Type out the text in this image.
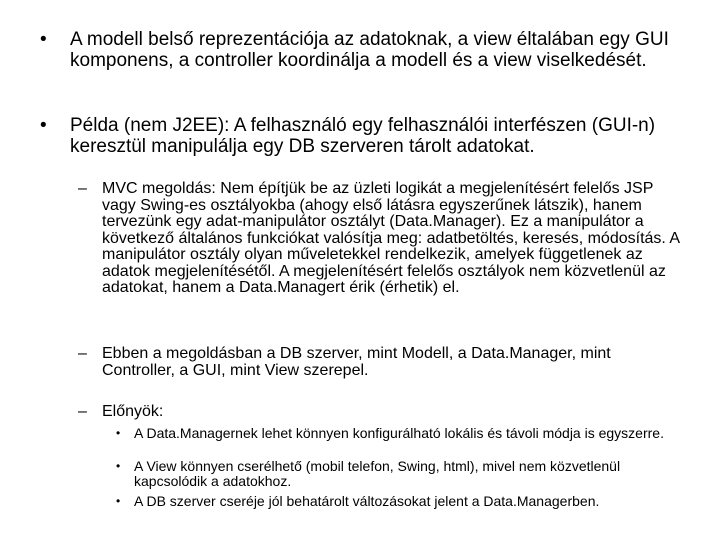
• A modell belső reprezentációja az adatoknak, a view éltalában egy GUI komponens, a controller koordinálja a modell és a view viselkedését.
• Példa (nem J2EE): A felhasználó egy felhasználói interfészen (GUI-n) keresztül manipulálja egy DB szerveren tárolt adatokat.
– MVC megoldás: Nem építjük be az üzleti logikát a megjelenítésért felelős JSP vagy Swing-es osztályokba (ahogy első látásra egyszerűnek látszik), hanem tervezünk egy adat-manipulátor osztályt (Data.Manager). Ez a manipulátor a következő általános funkciókat valósítja meg: adatbetöltés, keresés, módosítás. A manipulátor osztály olyan műveletekkel rendelkezik, amelyek függetlenek az adatok megjelenítésétől. A megjelenítésért felelős osztályok nem közvetlenül az adatokat, hanem a Data.Managert érik (érhetik) el.
– Ebben a megoldásban a DB szerver, mint Modell, a Data.Manager, mint Controller, a GUI, mint View szerepel.
– Előnyök:
• A Data.Managernek lehet könnyen konfigurálható lokális és távoli módja is egyszerre.
• A View könnyen cserélhető (mobil telefon, Swing, html), mivel nem közvetlenül kapcsolódik a adatokhoz.
• A DB szerver cseréje jól behatárolt változásokat jelent a Data.Managerben.
